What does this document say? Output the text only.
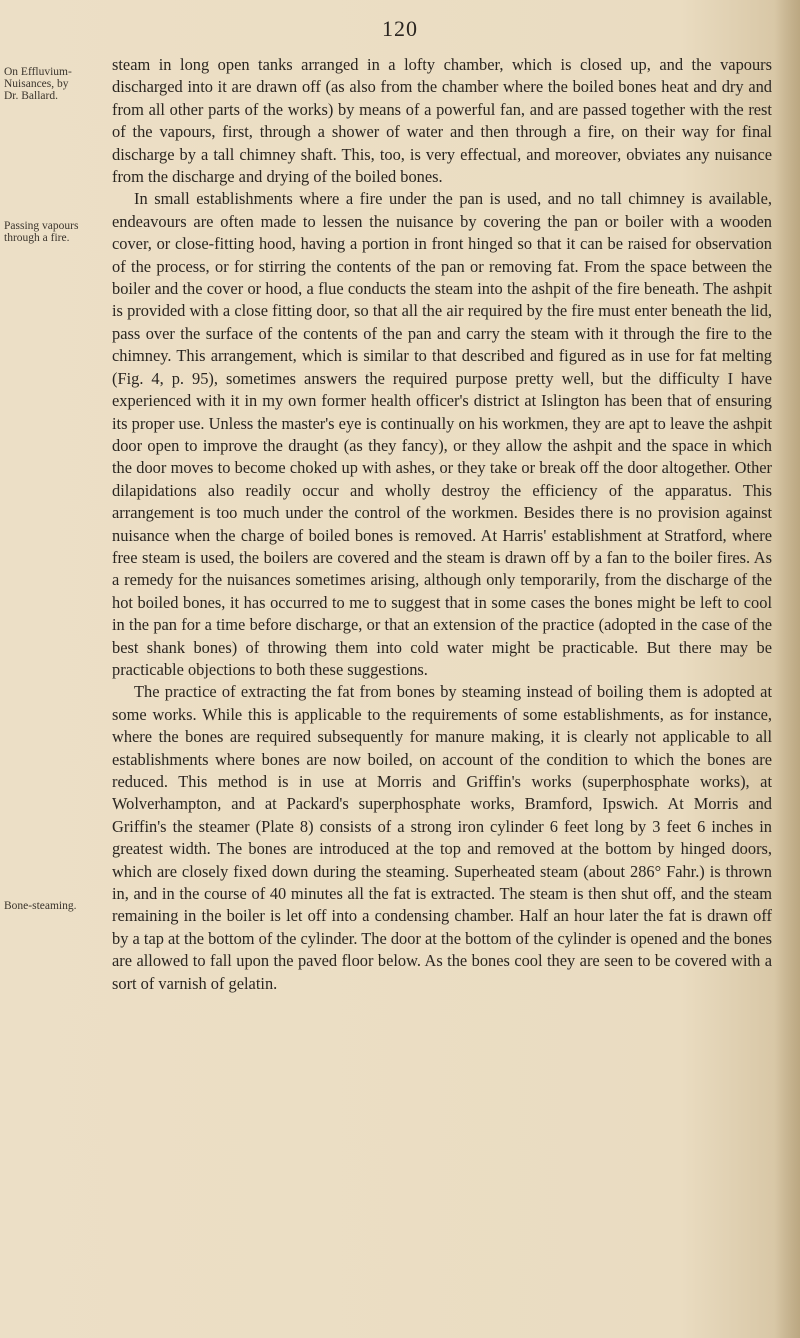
120
On Effluvium-
Nuisances, by
Dr. Ballard.
Passing vapours
through a fire.
Bone-steaming.

steam in long open tanks arranged in a lofty chamber, which is closed up, and the vapours discharged into it are drawn off (as also from the chamber where the boiled bones heat and dry and from all other parts of the works) by means of a powerful fan, and are passed together with the rest of the vapours, first, through a shower of water and then through a fire, on their way for final discharge by a tall chimney shaft. This, too, is very effectual, and moreover, obviates any nuisance from the discharge and drying of the boiled bones.

In small establishments where a fire under the pan is used, and no tall chimney is available, endeavours are often made to lessen the nuisance by covering the pan or boiler with a wooden cover, or close-fitting hood, having a portion in front hinged so that it can be raised for observation of the process, or for stirring the contents of the pan or removing fat. From the space between the boiler and the cover or hood, a flue conducts the steam into the ashpit of the fire beneath. The ashpit is provided with a close fitting door, so that all the air required by the fire must enter beneath the lid, pass over the surface of the contents of the pan and carry the steam with it through the fire to the chimney. This arrangement, which is similar to that described and figured as in use for fat melting (Fig. 4, p. 95), sometimes answers the required purpose pretty well, but the difficulty I have experienced with it in my own former health officer's district at Islington has been that of ensuring its proper use. Unless the master's eye is continually on his workmen, they are apt to leave the ashpit door open to improve the draught (as they fancy), or they allow the ashpit and the space in which the door moves to become choked up with ashes, or they take or break off the door altogether. Other dilapidations also readily occur and wholly destroy the efficiency of the apparatus. This arrangement is too much under the control of the workmen. Besides there is no provision against nuisance when the charge of boiled bones is removed. At Harris' establishment at Stratford, where free steam is used, the boilers are covered and the steam is drawn off by a fan to the boiler fires. As a remedy for the nuisances sometimes arising, although only temporarily, from the discharge of the hot boiled bones, it has occurred to me to suggest that in some cases the bones might be left to cool in the pan for a time before discharge, or that an extension of the practice (adopted in the case of the best shank bones) of throwing them into cold water might be practicable. But there may be practicable objections to both these suggestions.

The practice of extracting the fat from bones by steaming instead of boiling them is adopted at some works. While this is applicable to the requirements of some establishments, as for instance, where the bones are required subsequently for manure making, it is clearly not applicable to all establishments where bones are now boiled, on account of the condition to which the bones are reduced. This method is in use at Morris and Griffin's works (superphosphate works), at Wolverhampton, and at Packard's superphosphate works, Bramford, Ipswich. At Morris and Griffin's the steamer (Plate 8) consists of a strong iron cylinder 6 feet long by 3 feet 6 inches in greatest width. The bones are introduced at the top and removed at the bottom by hinged doors, which are closely fixed down during the steaming. Superheated steam (about 286° Fahr.) is thrown in, and in the course of 40 minutes all the fat is extracted. The steam is then shut off, and the steam remaining in the boiler is let off into a condensing chamber. Half an hour later the fat is drawn off by a tap at the bottom of the cylinder. The door at the bottom of the cylinder is opened and the bones are allowed to fall upon the paved floor below. As the bones cool they are seen to be covered with a sort of varnish of gelatin.
